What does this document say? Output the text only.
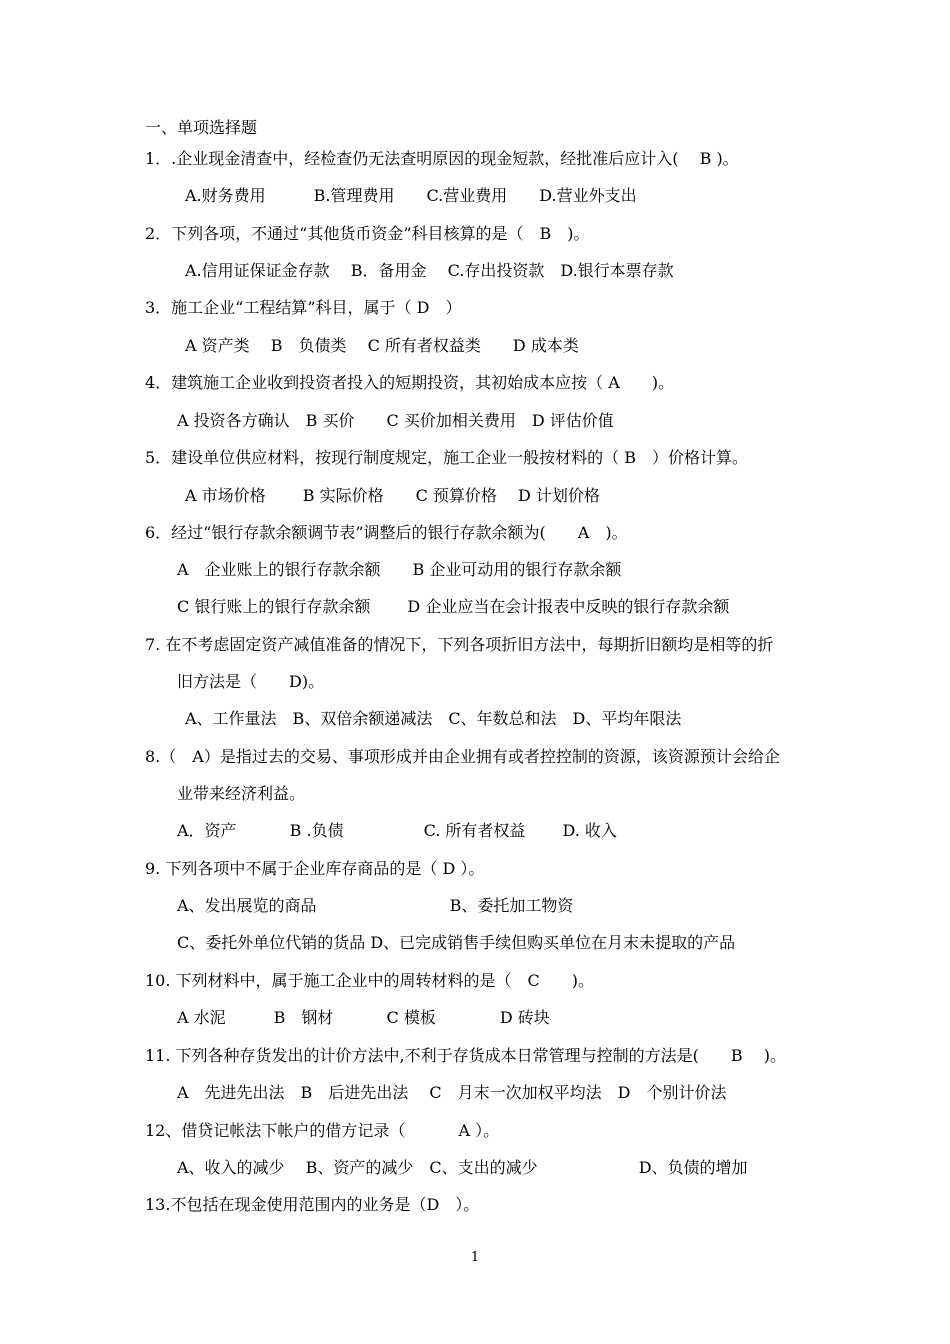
一、单项选择题
1．.企业现金清查中，经检查仍无法查明原因的现金短款，经批准后应计入(　 B )。
A.财务费用　　　B.管理费用　　C.营业费用　　D.营业外支出
2．下列各项，不通过“其他货币资金”科目核算的是（　B　)。
A.信用证保证金存款　 B．备用金　 C.存出投资款　D.银行本票存款
3．施工企业“工程结算”科目，属于（ D　）
A 资产类　 B　负债类　 C 所有者权益类　　D 成本类
4．建筑施工企业收到投资者投入的短期投资，其初始成本应按（ A　　)。
A 投资各方确认　B 买价　　C 买价加相关费用　D 评估价值
5．建设单位供应材料，按现行制度规定，施工企业一般按材料的（ B　）价格计算。
A 市场价格　　 B 实际价格　　C 预算价格　 D 计划价格
6．经过“银行存款余额调节表”调整后的银行存款余额为(　　A　)。
A　企业账上的银行存款余额　　B 企业可动用的银行存款余额
C 银行账上的银行存款余额　　 D 企业应当在会计报表中反映的银行存款余额
7. 在不考虑固定资产减值准备的情况下，下列各项折旧方法中，每期折旧额均是相等的折
旧方法是（　　D)。
A、工作量法　B、双倍余额递减法　C、年数总和法　D、平均年限法
8.（　A）是指过去的交易、事项形成并由企业拥有或者控控制的资源，该资源预计会给企
业带来经济利益。
A．资产　　　 B .负债　　　　　C. 所有者权益　　 D. 收入
9. 下列各项中不属于企业库存商品的是（ D ）。
A、发出展览的商品　　　　　　　　 B、委托加工物资
C、委托外单位代销的货品 D、已完成销售手续但购买单位在月末未提取的产品
10. 下列材料中，属于施工企业中的周转材料的是（　C　　)。
A 水泥　　　B　钢材　　　 C 模板　　　　D 砖块
11. 下列各种存货发出的计价方法中,不利于存货成本日常管理与控制的方法是(　　B　 )。
A　先进先出法　B　后进先出法　 C　月末一次加权平均法　D　个别计价法
12、借贷记帐法下帐户的借方记录（　　　 A ）。
A、收入的减少　 B、资产的减少　C、支出的减少　　　　　　 D、负债的增加
13.不包括在现金使用范围内的业务是（D　）。
1
